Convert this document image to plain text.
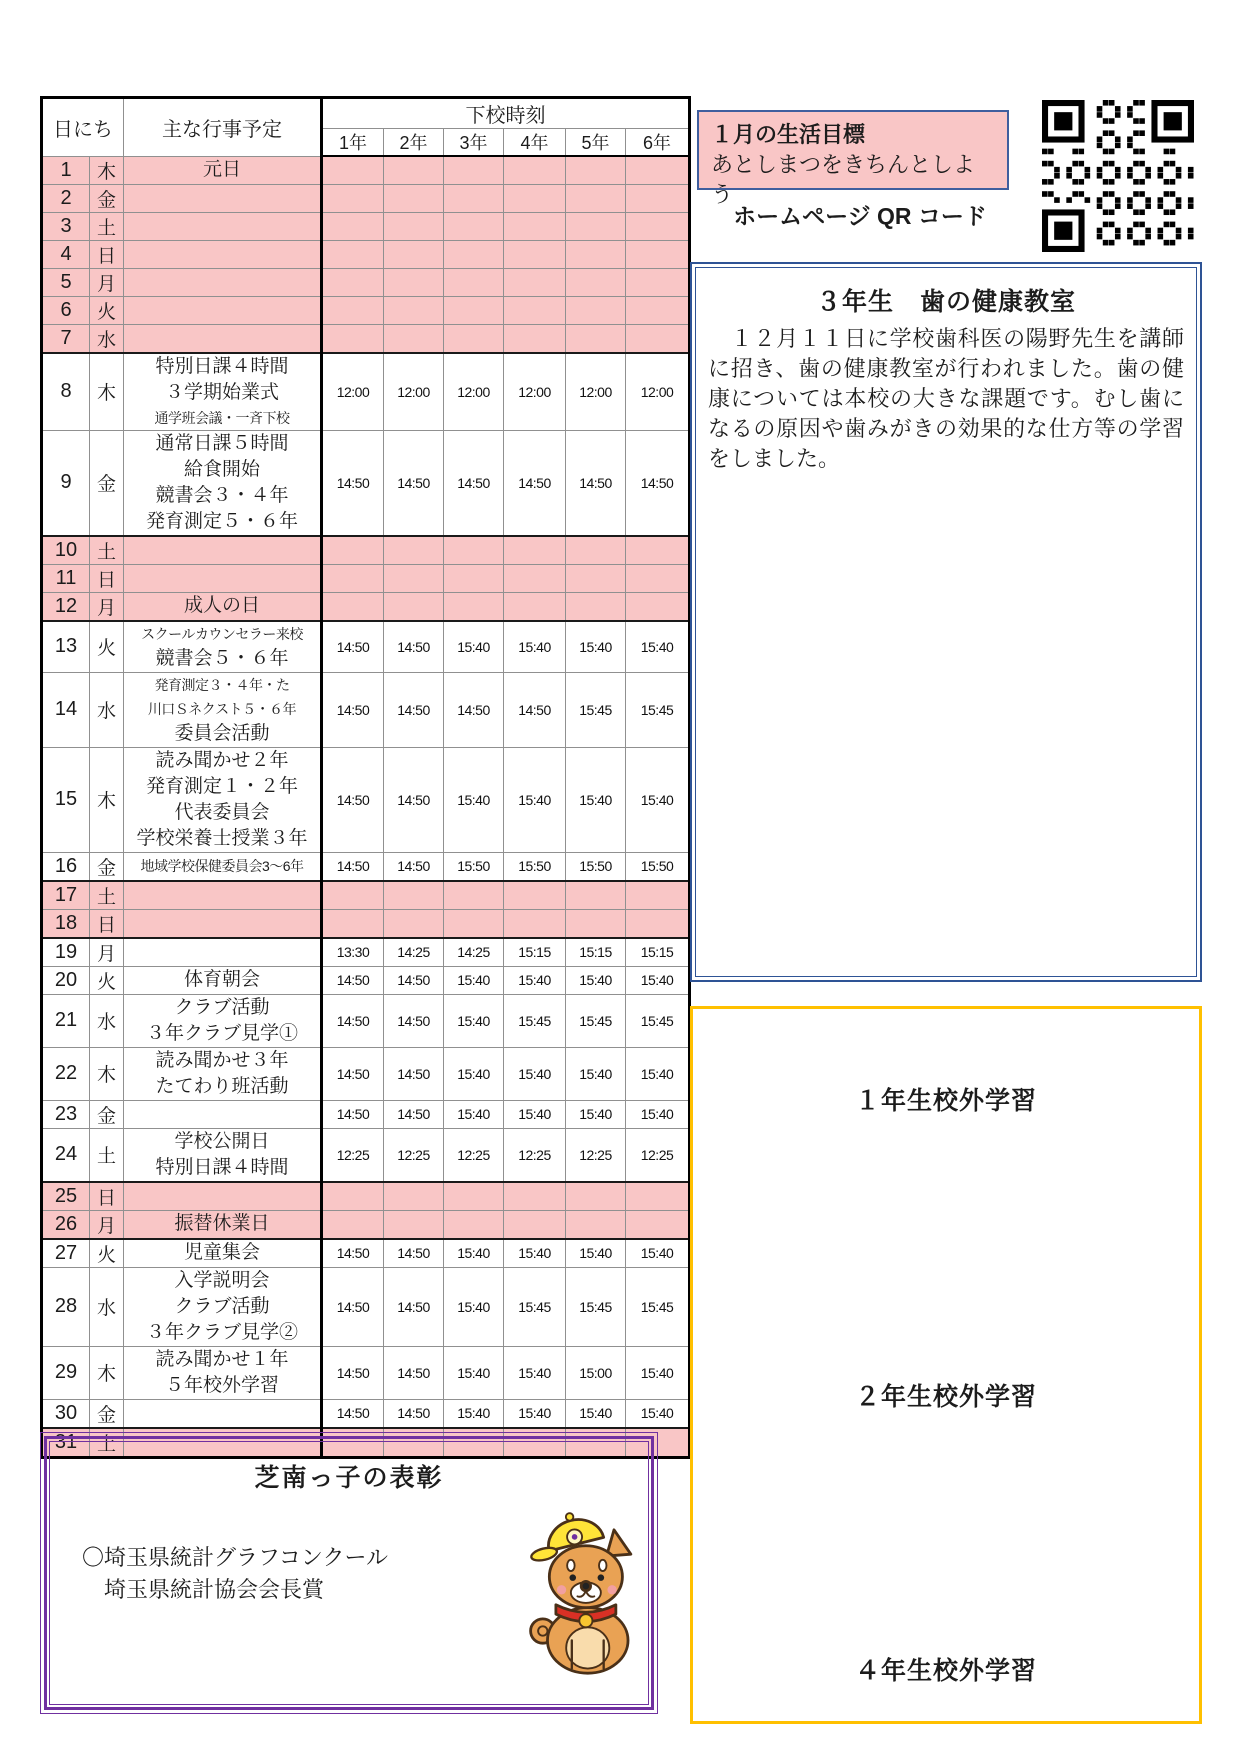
日にち		主な行事予定	下校時刻					
			1年	2年	3年	4年	5年	6年
1	木	元日						

2	金							
3	土							
4	日							
5	月							
6	火							
7	水							
8	木	特別日課４時間
３学期始業式
通学班会議・一斉下校	12:00	12:00	12:00	12:00	12:00	12:00
9	金	通常日課５時間
給食開始
競書会３・４年
発育測定５・６年	14:50	14:50	14:50	14:50	14:50	14:50
10	土							
11	日							
12	月	成人の日						

13	火	スクールカウンセラー来校
競書会５・６年	14:50	14:50	15:40	15:40	15:40	15:40
14	水	発育測定３・４年・た
川口Ｓネクスト５・６年
委員会活動	14:50	14:50	14:50	14:50	15:45	15:45
15	木	読み聞かせ２年
発育測定１・２年
代表委員会
学校栄養士授業３年	14:50	14:50	15:40	15:40	15:40	15:40
16	金	地域学校保健委員会3～6年	14:50	14:50	15:50	15:50	15:50	15:50
17	土							
18	日							
19	月		13:30	14:25	14:25	15:15	15:15	15:15
20	火	体育朝会	14:50	14:50	15:40	15:40	15:40	15:40
21	水	クラブ活動
３年クラブ見学①	14:50	14:50	15:40	15:45	15:45	15:45
22	木	読み聞かせ３年
たてわり班活動	14:50	14:50	15:40	15:40	15:40	15:40
23	金		14:50	14:50	15:40	15:40	15:40	15:40
24	土	学校公開日
特別日課４時間	12:25	12:25	12:25	12:25	12:25	12:25
25	日							
26	月	振替休業日						

27	火	児童集会	14:50	14:50	15:40	15:40	15:40	15:40
28	水	入学説明会
クラブ活動
３年クラブ見学②	14:50	14:50	15:40	15:45	15:45	15:45
29	木	読み聞かせ１年
５年校外学習	14:50	14:50	15:40	15:40	15:00	15:40
30	金		14:50	14:50	15:40	15:40	15:40	15:40
31	土							
１月の生活目標
あとしまつをきちんとしよう
ホームページ QR コード
３年生　歯の健康教室
　１２月１１日に学校歯科医の陽野先生を講師に招き、歯の健康教室が行われました。歯の健康については本校の大きな課題です。むし歯になるの原因や歯みがきの効果的な仕方等の学習をしました。
１年生校外学習
２年生校外学習
４年生校外学習
芝南っ子の表彰
〇埼玉県統計グラフコンクール
埼玉県統計協会会長賞
